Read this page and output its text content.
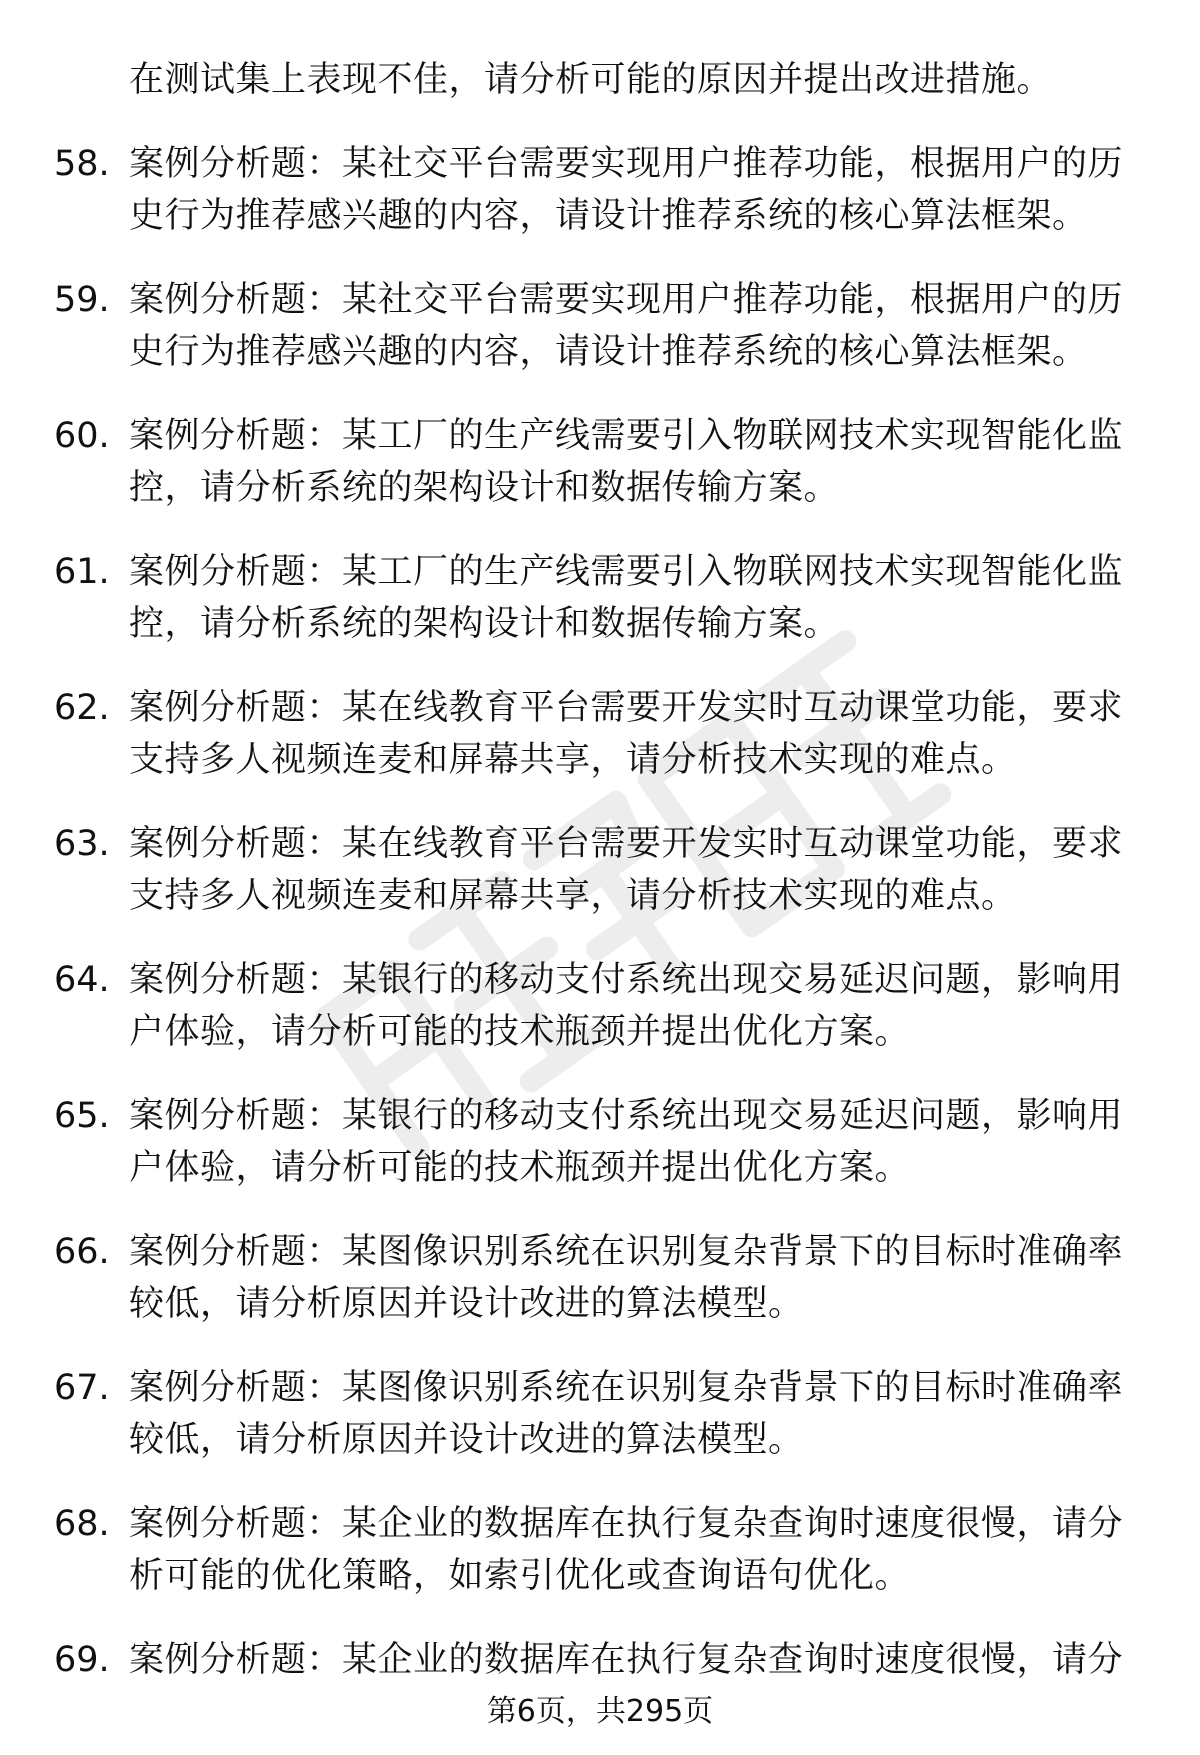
在测试集上表现不佳，请分析可能的原因并提出改进措施。
58. 案例分析题：某社交平台需要实现用户推荐功能，根据用户的历
史行为推荐感兴趣的内容，请设计推荐系统的核心算法框架。
59. 案例分析题：某社交平台需要实现用户推荐功能，根据用户的历
史行为推荐感兴趣的内容，请设计推荐系统的核心算法框架。
60. 案例分析题：某工厂的生产线需要引入物联网技术实现智能化监
控，请分析系统的架构设计和数据传输方案。
61. 案例分析题：某工厂的生产线需要引入物联网技术实现智能化监
控，请分析系统的架构设计和数据传输方案。
62. 案例分析题：某在线教育平台需要开发实时互动课堂功能，要求
支持多人视频连麦和屏幕共享，请分析技术实现的难点。
63. 案例分析题：某在线教育平台需要开发实时互动课堂功能，要求
支持多人视频连麦和屏幕共享，请分析技术实现的难点。
64. 案例分析题：某银行的移动支付系统出现交易延迟问题，影响用
户体验，请分析可能的技术瓶颈并提出优化方案。
65. 案例分析题：某银行的移动支付系统出现交易延迟问题，影响用
户体验，请分析可能的技术瓶颈并提出优化方案。
66. 案例分析题：某图像识别系统在识别复杂背景下的目标时准确率
较低，请分析原因并设计改进的算法模型。
67. 案例分析题：某图像识别系统在识别复杂背景下的目标时准确率
较低，请分析原因并设计改进的算法模型。
68. 案例分析题：某企业的数据库在执行复杂查询时速度很慢，请分
析可能的优化策略，如索引优化或查询语句优化。
69. 案例分析题：某企业的数据库在执行复杂查询时速度很慢，请分
第6页，共295页
